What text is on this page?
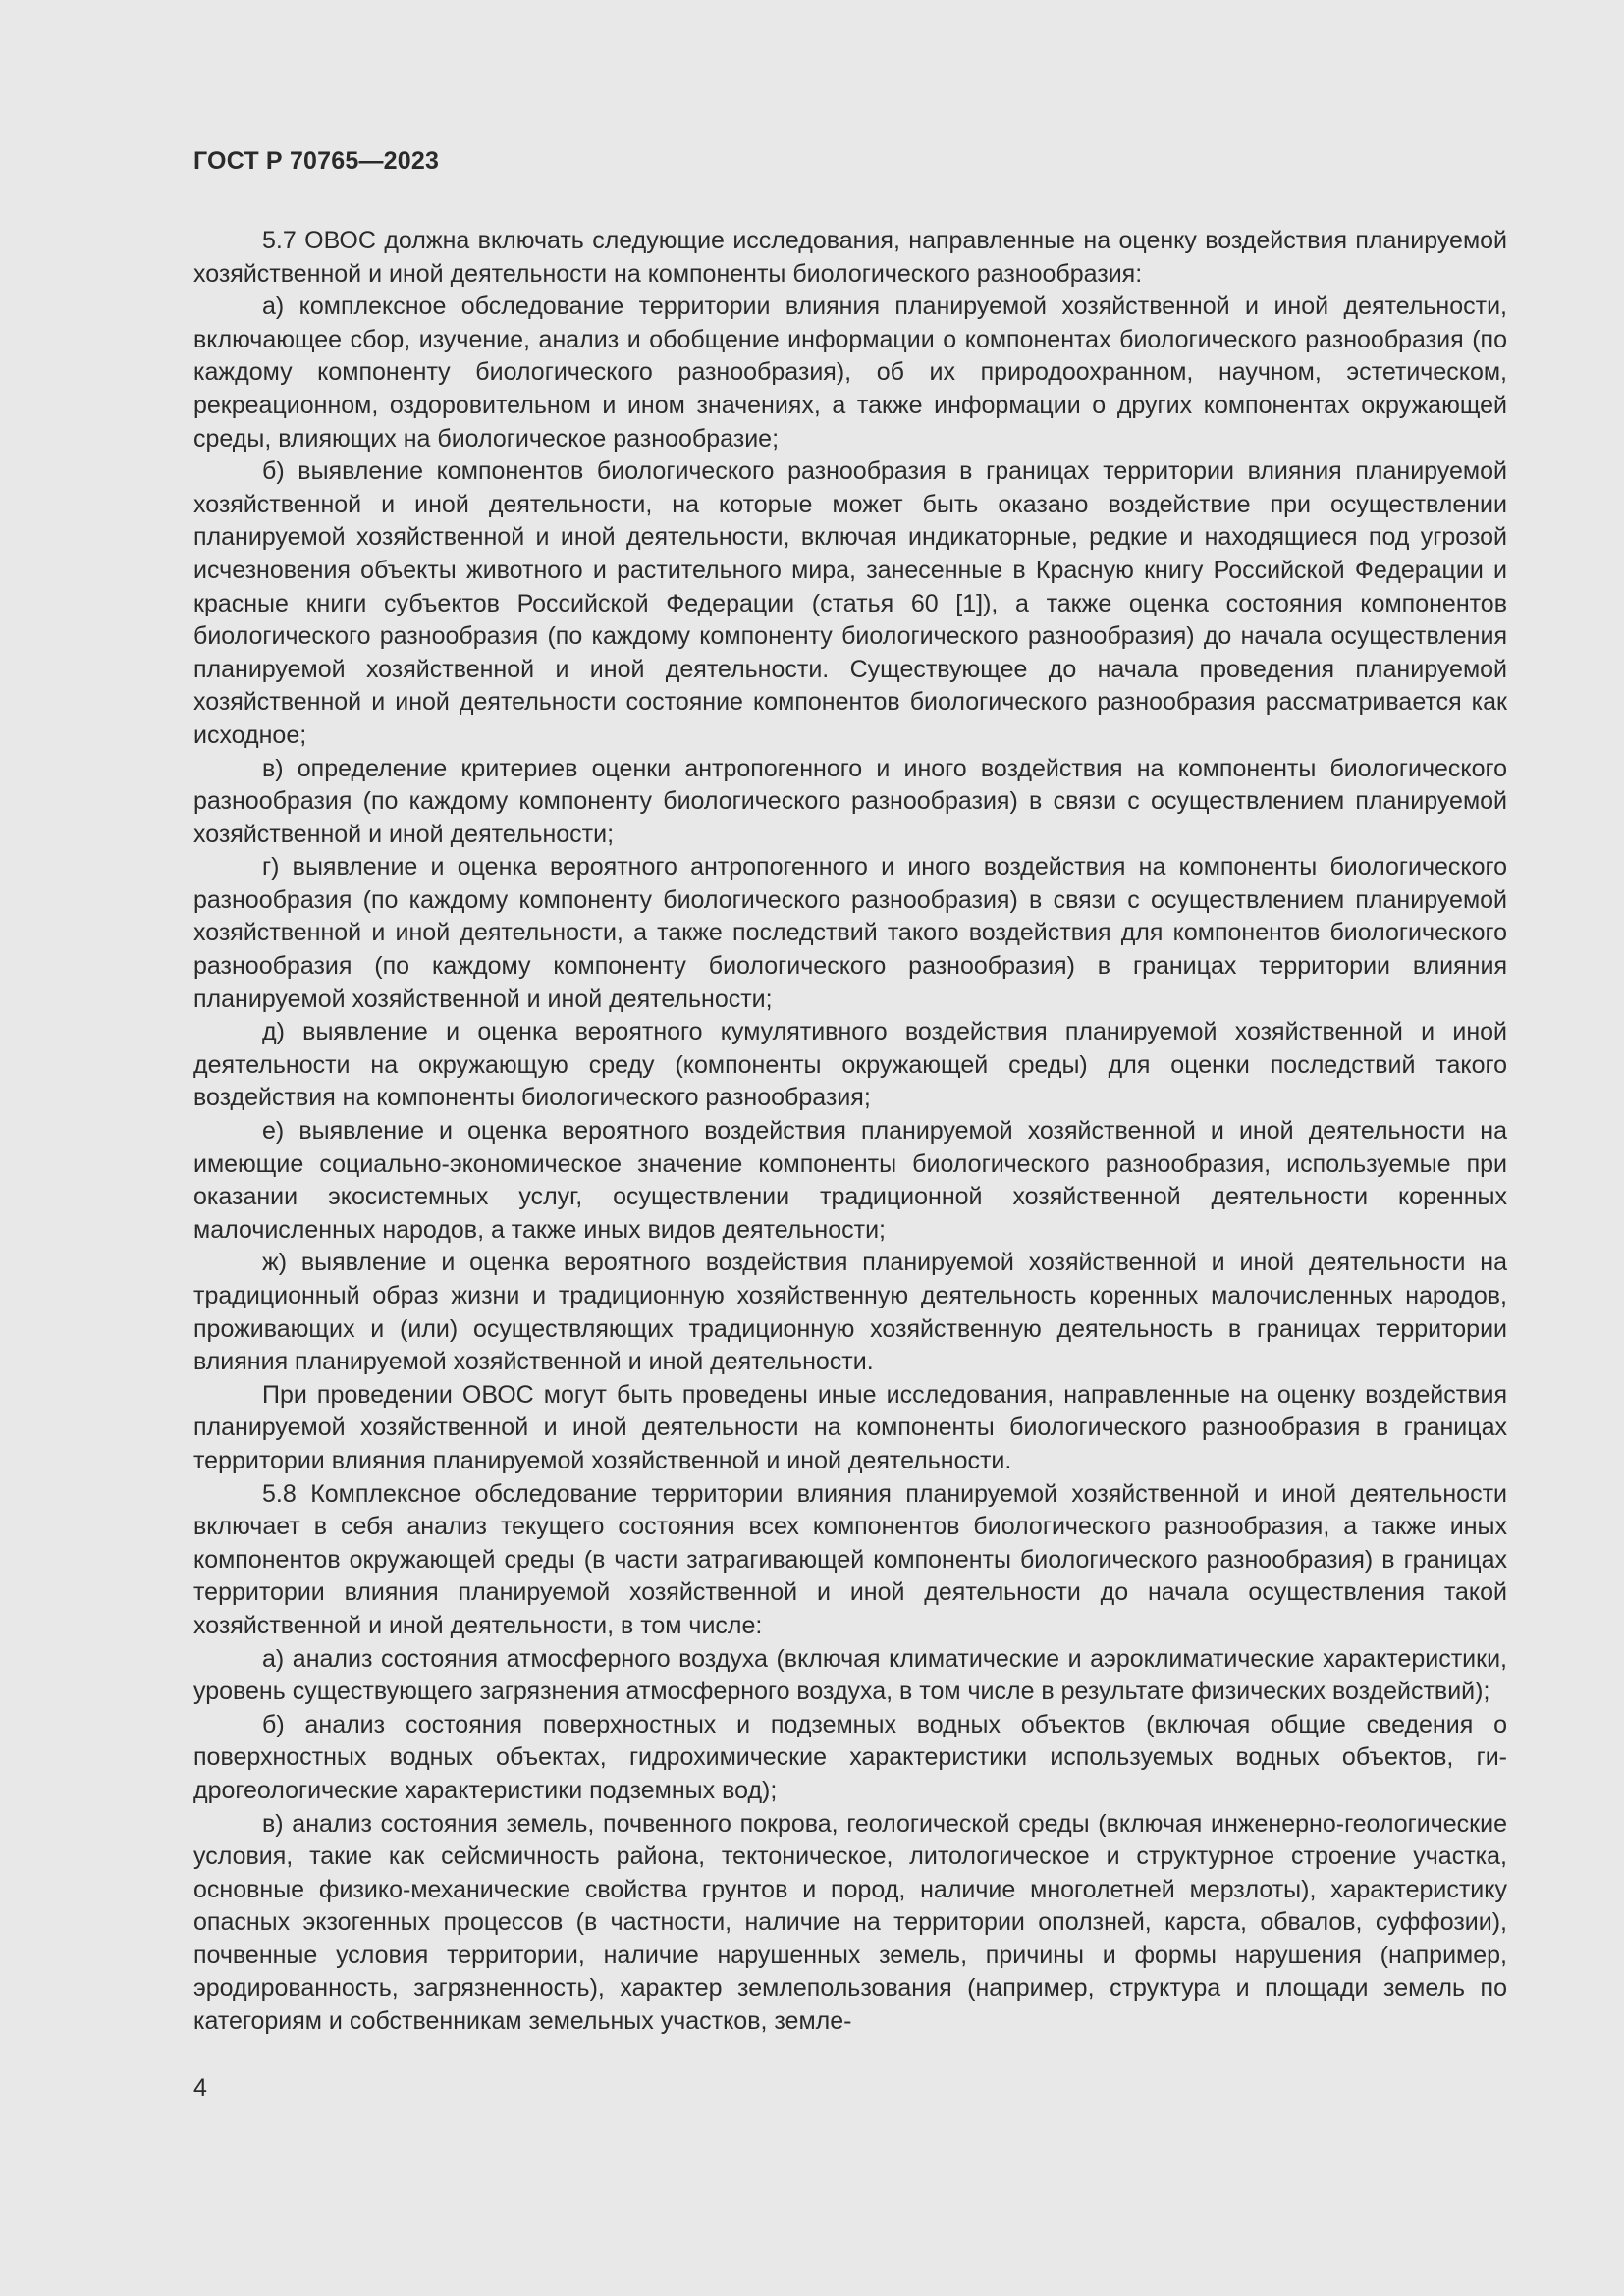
ГОСТ Р 70765—2023

5.7 ОВОС должна включать следующие исследования, направленные на оценку воздействия планируемой хозяйственной и иной деятельности на компоненты биологического разнообразия:

а) комплексное обследование территории влияния планируемой хозяйственной и иной деятельности, включающее сбор, изучение, анализ и обобщение информации о компонентах биологического разнообразия (по каждому компоненту биологического разнообразия), об их природоохранном, научном, эстетическом, рекреационном, оздоровительном и ином значениях, а также информации о других компонентах окружающей среды, влияющих на биологическое разнообразие;

б) выявление компонентов биологического разнообразия в границах территории влияния планируемой хозяйственной и иной деятельности, на которые может быть оказано воздействие при осуществлении планируемой хозяйственной и иной деятельности, включая индикаторные, редкие и находящиеся под угрозой исчезновения объекты животного и растительного мира, занесенные в Красную книгу Российской Федерации и красные книги субъектов Российской Федерации (статья 60 [1]), а также оценка состояния компонентов биологического разнообразия (по каждому компоненту биологического разнообразия) до начала осуществления планируемой хозяйственной и иной деятельности. Существующее до начала проведения планируемой хозяйственной и иной деятельности состояние компонентов биологического разнообразия рассматривается как исходное;

в) определение критериев оценки антропогенного и иного воздействия на компоненты биологического разнообразия (по каждому компоненту биологического разнообразия) в связи с осуществлением планируемой хозяйственной и иной деятельности;

г) выявление и оценка вероятного антропогенного и иного воздействия на компоненты биологического разнообразия (по каждому компоненту биологического разнообразия) в связи с осуществлением планируемой хозяйственной и иной деятельности, а также последствий такого воздействия для компонентов биологического разнообразия (по каждому компоненту биологического разнообразия) в границах территории влияния планируемой хозяйственной и иной деятельности;

д) выявление и оценка вероятного кумулятивного воздействия планируемой хозяйственной и иной деятельности на окружающую среду (компоненты окружающей среды) для оценки последствий такого воздействия на компоненты биологического разнообразия;

е) выявление и оценка вероятного воздействия планируемой хозяйственной и иной деятельности на имеющие социально-экономическое значение компоненты биологического разнообразия, используемые при оказании экосистемных услуг, осуществлении традиционной хозяйственной деятельности коренных малочисленных народов, а также иных видов деятельности;

ж) выявление и оценка вероятного воздействия планируемой хозяйственной и иной деятельности на традиционный образ жизни и традиционную хозяйственную деятельность коренных малочисленных народов, проживающих и (или) осуществляющих традиционную хозяйственную деятельность в границах территории влияния планируемой хозяйственной и иной деятельности.

При проведении ОВОС могут быть проведены иные исследования, направленные на оценку воздействия планируемой хозяйственной и иной деятельности на компоненты биологического разнообразия в границах территории влияния планируемой хозяйственной и иной деятельности.

5.8 Комплексное обследование территории влияния планируемой хозяйственной и иной деятельности включает в себя анализ текущего состояния всех компонентов биологического разнообразия, а также иных компонентов окружающей среды (в части затрагивающей компоненты биологического разнообразия) в границах территории влияния планируемой хозяйственной и иной деятельности до начала осуществления такой хозяйственной и иной деятельности, в том числе:

а) анализ состояния атмосферного воздуха (включая климатические и аэроклиматические характеристики, уровень существующего загрязнения атмосферного воздуха, в том числе в результате физических воздействий);

б) анализ состояния поверхностных и подземных водных объектов (включая общие сведения о поверхностных водных объектах, гидрохимические характеристики используемых водных объектов, гидрогеологические характеристики подземных вод);

в) анализ состояния земель, почвенного покрова, геологической среды (включая инженерно-геологические условия, такие как сейсмичность района, тектоническое, литологическое и структурное строение участка, основные физико-механические свойства грунтов и пород, наличие многолетней мерзлоты), характеристику опасных экзогенных процессов (в частности, наличие на территории оползней, карста, обвалов, суффозии), почвенные условия территории, наличие нарушенных земель, причины и формы нарушения (например, эродированность, загрязненность), характер землепользования (например, структура и площади земель по категориям и собственникам земельных участков, земле-

4
